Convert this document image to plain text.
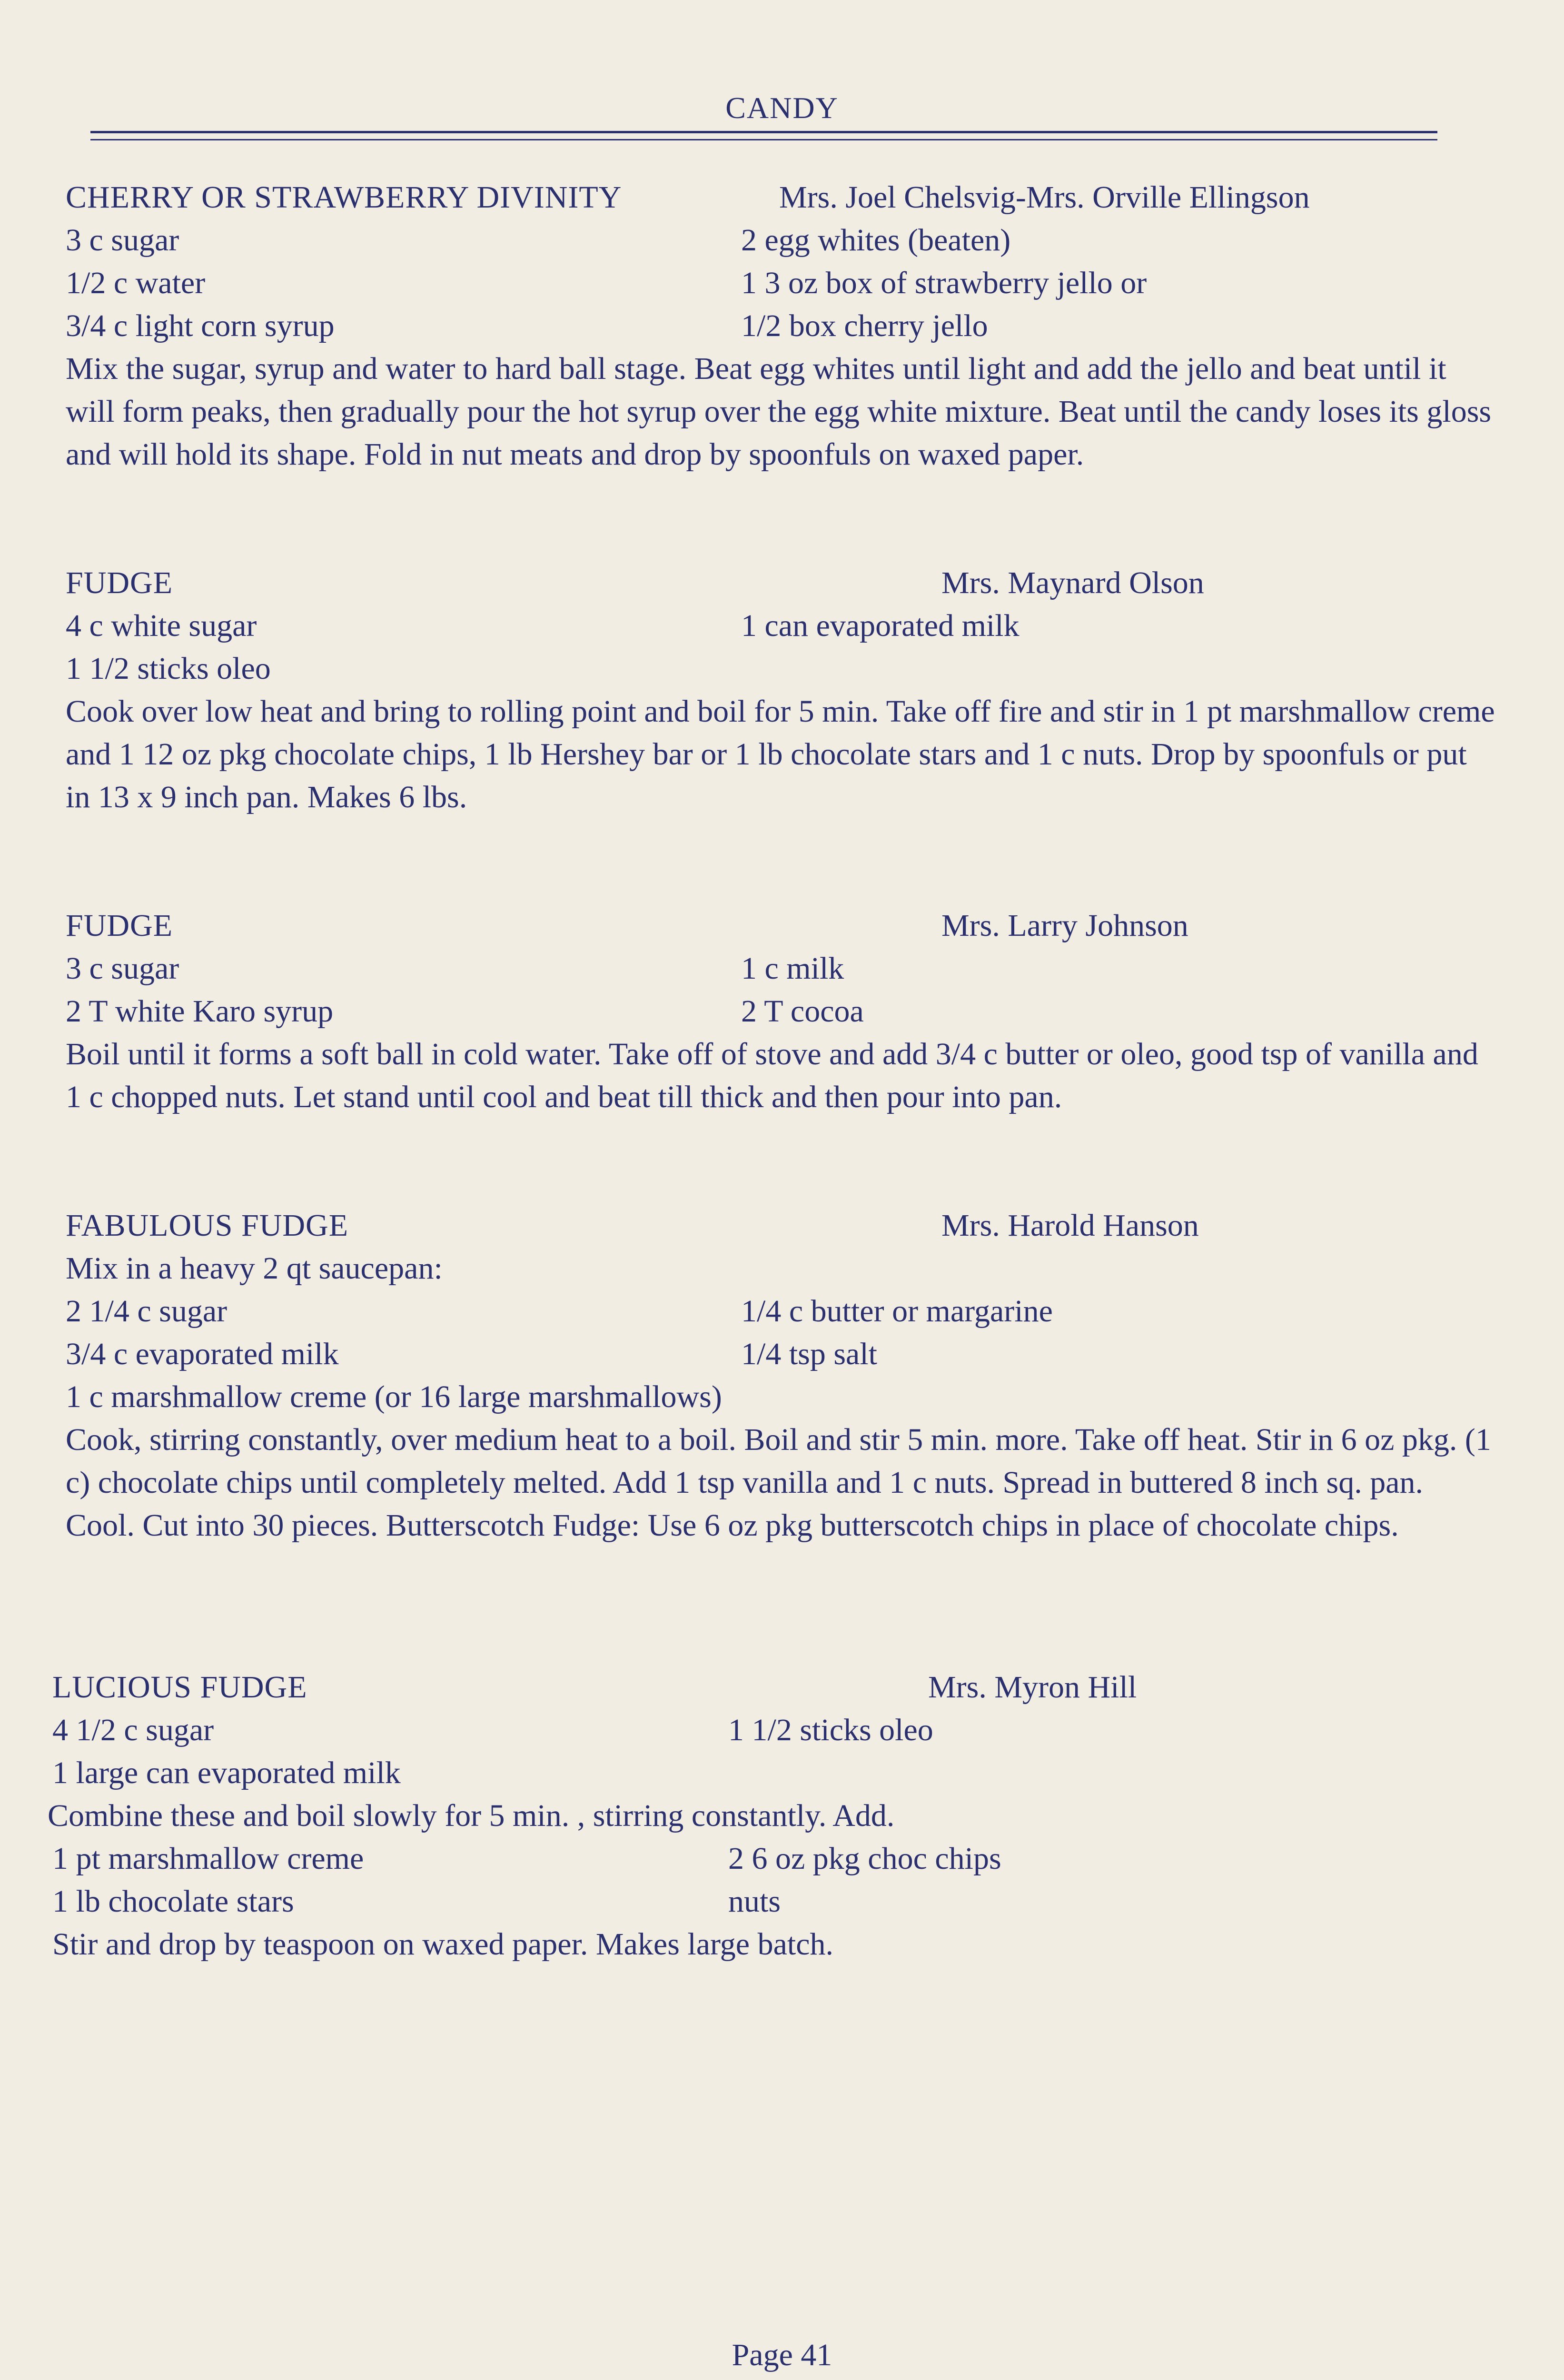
CANDY
CHERRY OR STRAWBERRY DIVINITY	Mrs. Joel Chelsvig-Mrs. Orville Ellingson
3 c sugar	2 egg whites (beaten)
1/2 c water	1 3 oz box of strawberry jello or
3/4 c light corn syrup	1/2 box cherry jello
Mix the sugar, syrup and water to hard ball stage. Beat egg whites until light and add the jello and beat until it will form peaks, then gradually pour the hot syrup over the egg white mixture. Beat until the candy loses its gloss and will hold its shape. Fold in nut meats and drop by spoonfuls on waxed paper.
FUDGE	Mrs. Maynard Olson
4 c white sugar	1 can evaporated milk
1 1/2 sticks oleo
Cook over low heat and bring to rolling point and boil for 5 min. Take off fire and stir in 1 pt marshmallow creme and 1 12 oz pkg chocolate chips, 1 lb Hershey bar or 1 lb chocolate stars and 1 c nuts. Drop by spoonfuls or put in 13 x 9 inch pan. Makes 6 lbs.
FUDGE	Mrs. Larry Johnson
3 c sugar	1 c milk
2 T white Karo syrup	2 T cocoa
Boil until it forms a soft ball in cold water. Take off of stove and add 3/4 c butter or oleo, good tsp of vanilla and 1 c chopped nuts. Let stand until cool and beat till thick and then pour into pan.
FABULOUS FUDGE	Mrs. Harold Hanson
Mix in a heavy 2 qt saucepan:
2 1/4 c sugar	1/4 c butter or margarine
3/4 c evaporated milk	1/4 tsp salt
1 c marshmallow creme (or 16 large marshmallows)
Cook, stirring constantly, over medium heat to a boil. Boil and stir 5 min. more. Take off heat. Stir in 6 oz pkg. (1 c) chocolate chips until completely melted. Add 1 tsp vanilla and 1 c nuts. Spread in buttered 8 inch sq. pan. Cool. Cut into 30 pieces. Butterscotch Fudge: Use 6 oz pkg butterscotch chips in place of chocolate chips.
LUCIOUS FUDGE	Mrs. Myron Hill
4 1/2 c sugar	1 1/2 sticks oleo
1 large can evaporated milk
Combine these and boil slowly for 5 min. , stirring constantly. Add.
1 pt marshmallow creme	2 6 oz pkg choc chips
1 lb chocolate stars	nuts
Stir and drop by teaspoon on waxed paper. Makes large batch.
Page 41
